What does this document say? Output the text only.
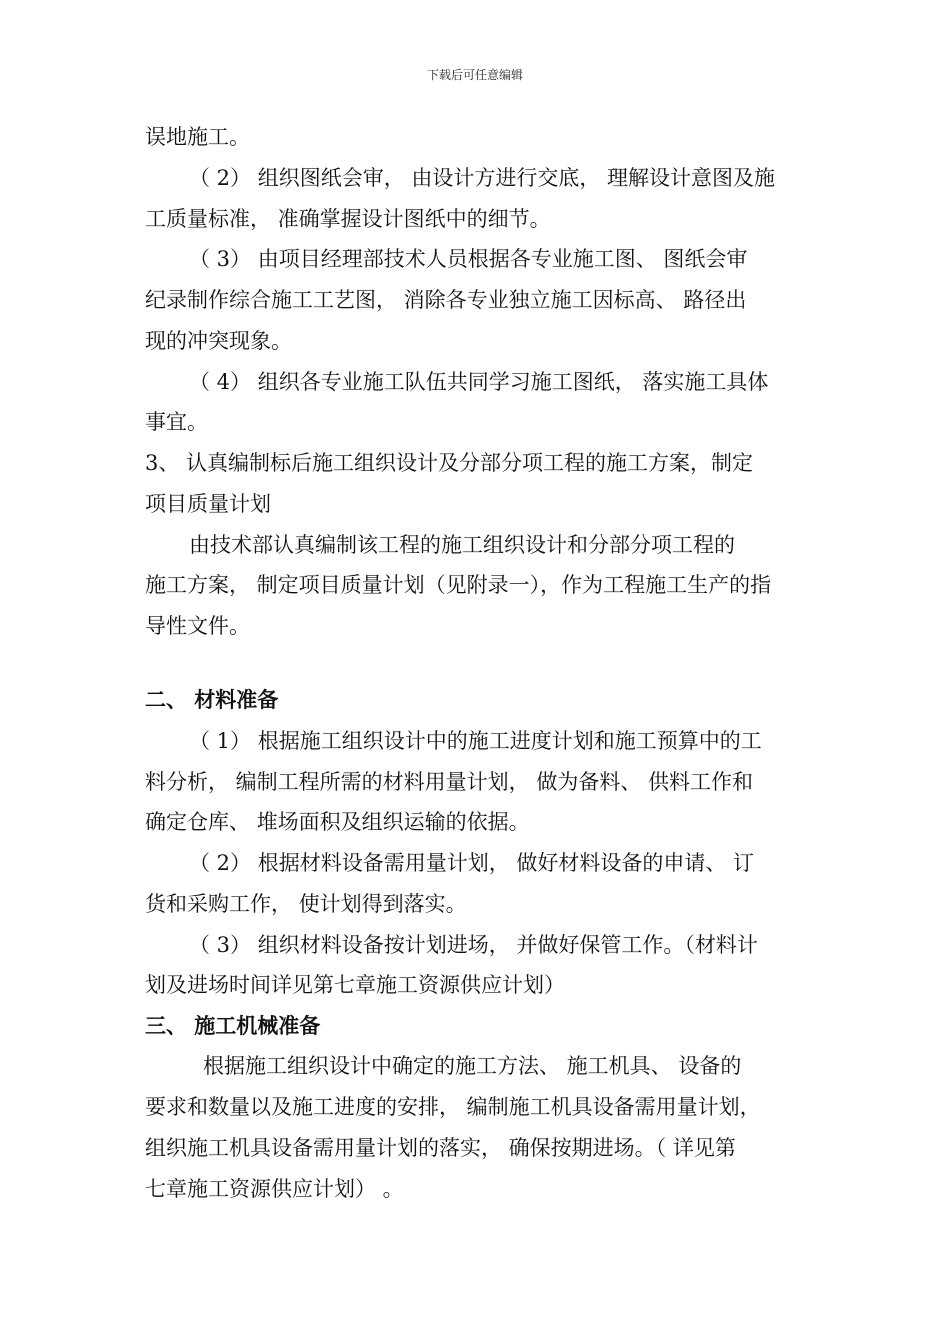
下载后可任意编辑
误地施工。
（ 2） 组织图纸会审， 由设计方进行交底， 理解设计意图及施
工质量标准， 准确掌握设计图纸中的细节。
（ 3） 由项目经理部技术人员根据各专业施工图、 图纸会审
纪录制作综合施工工艺图， 消除各专业独立施工因标高、 路径出
现的冲突现象。
（ 4） 组织各专业施工队伍共同学习施工图纸， 落实施工具体
事宜。
3、 认真编制标后施工组织设计及分部分项工程的施工方案，制定
项目质量计划
由技术部认真编制该工程的施工组织设计和分部分项工程的
施工方案， 制定项目质量计划（见附录一），作为工程施工生产的指
导性文件。
二、 材料准备
（ 1） 根据施工组织设计中的施工进度计划和施工预算中的工
料分析， 编制工程所需的材料用量计划， 做为备料、 供料工作和
确定仓库、 堆场面积及组织运输的依据。
（ 2） 根据材料设备需用量计划， 做好材料设备的申请、 订
货和采购工作， 使计划得到落实。
（ 3） 组织材料设备按计划进场， 并做好保管工作。（材料计
划及进场时间详见第七章施工资源供应计划）
三、 施工机械准备
根据施工组织设计中确定的施工方法、 施工机具、 设备的
要求和数量以及施工进度的安排， 编制施工机具设备需用量计划，
组织施工机具设备需用量计划的落实， 确保按期进场。（ 详见第
七章施工资源供应计划） 。
